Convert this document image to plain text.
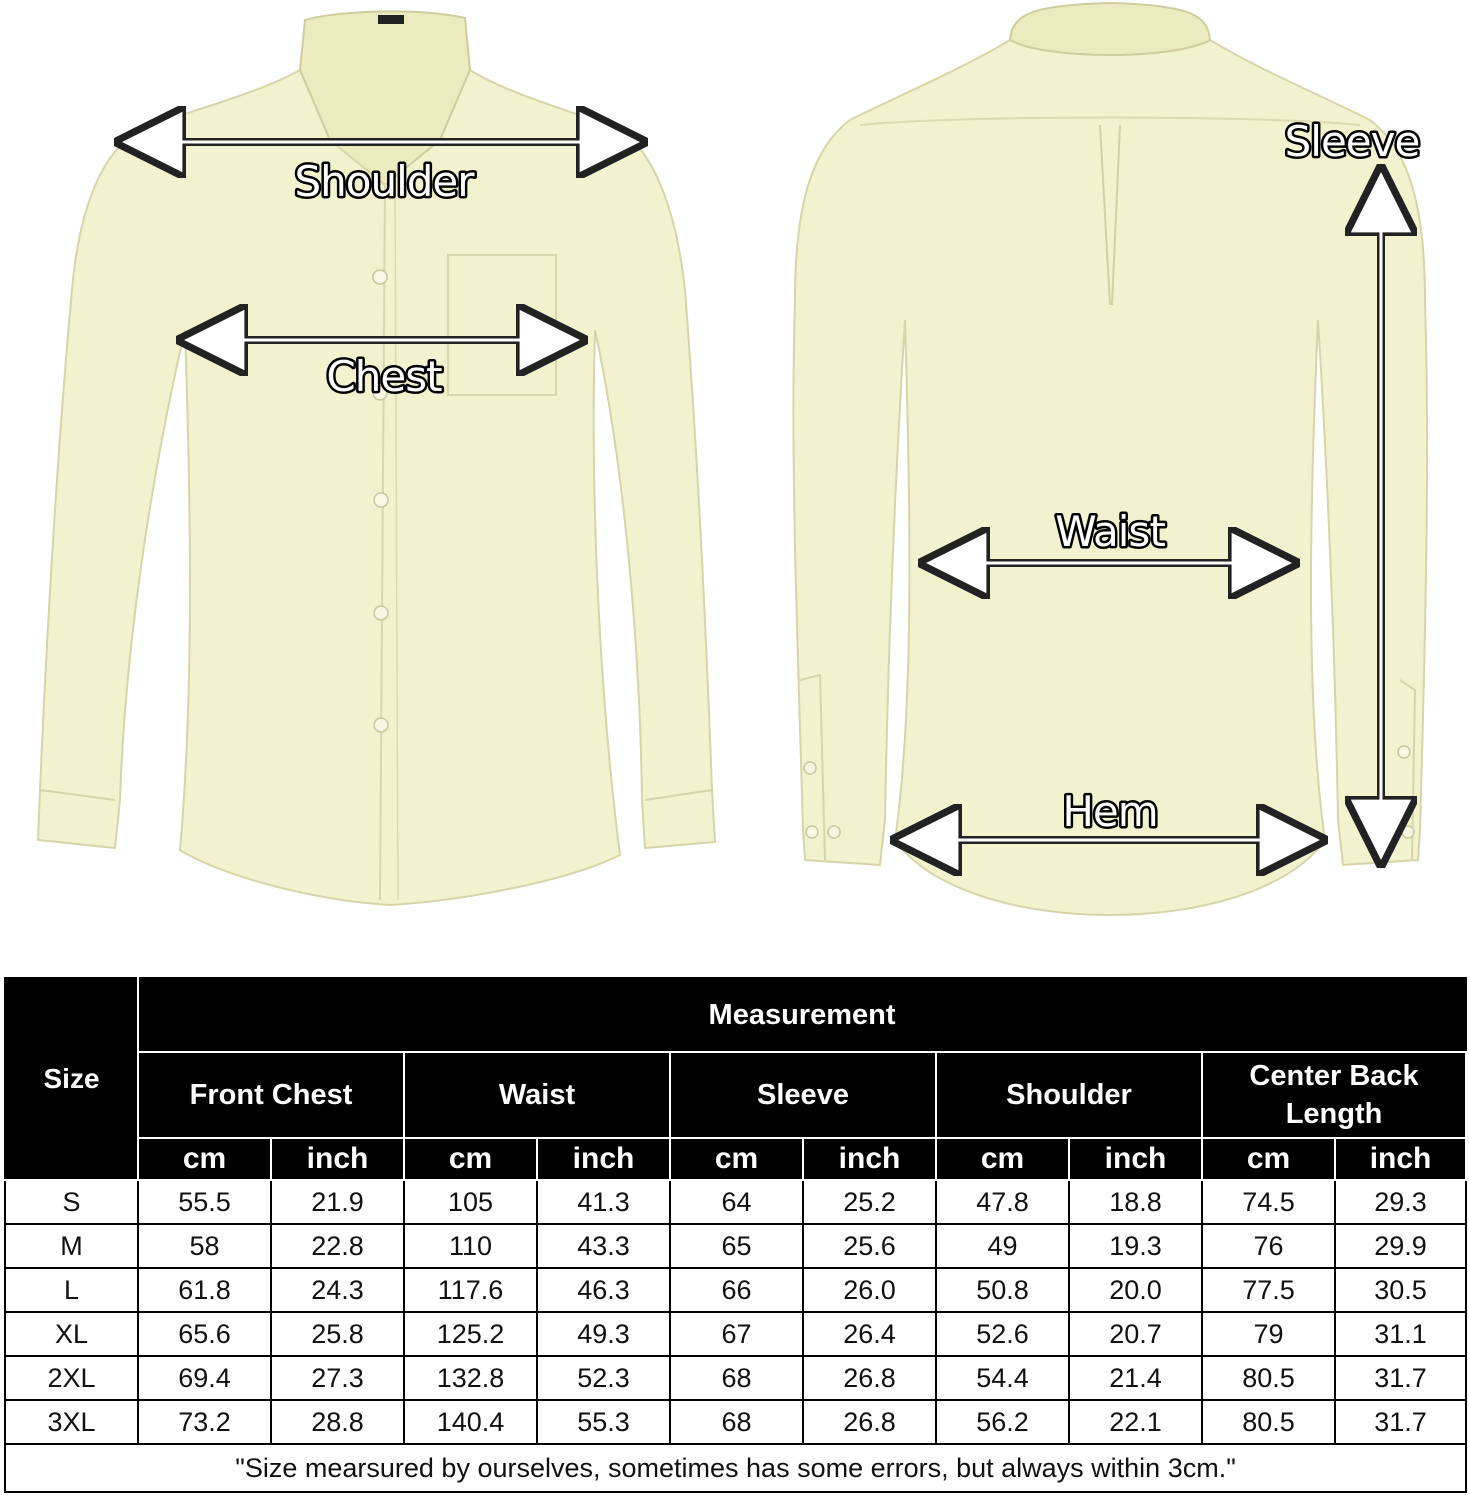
Shoulder
Chest
Sleeve
Waist
Hem
Size	Measurement									
	Front Chest		Waist		Sleeve		Shoulder		Center Back Length	
	cm	inch	cm	inch	cm	inch	cm	inch	cm	inch
S	55.5	21.9	105	41.3	64	25.2	47.8	18.8	74.5	29.3
M	58	22.8	110	43.3	65	25.6	49	19.3	76	29.9
L	61.8	24.3	117.6	46.3	66	26.0	50.8	20.0	77.5	30.5
XL	65.6	25.8	125.2	49.3	67	26.4	52.6	20.7	79	31.1
2XL	69.4	27.3	132.8	52.3	68	26.8	54.4	21.4	80.5	31.7
3XL	73.2	28.8	140.4	55.3	68	26.8	56.2	22.1	80.5	31.7
"Size mearsured by ourselves, sometimes has some errors, but always within 3cm."										
